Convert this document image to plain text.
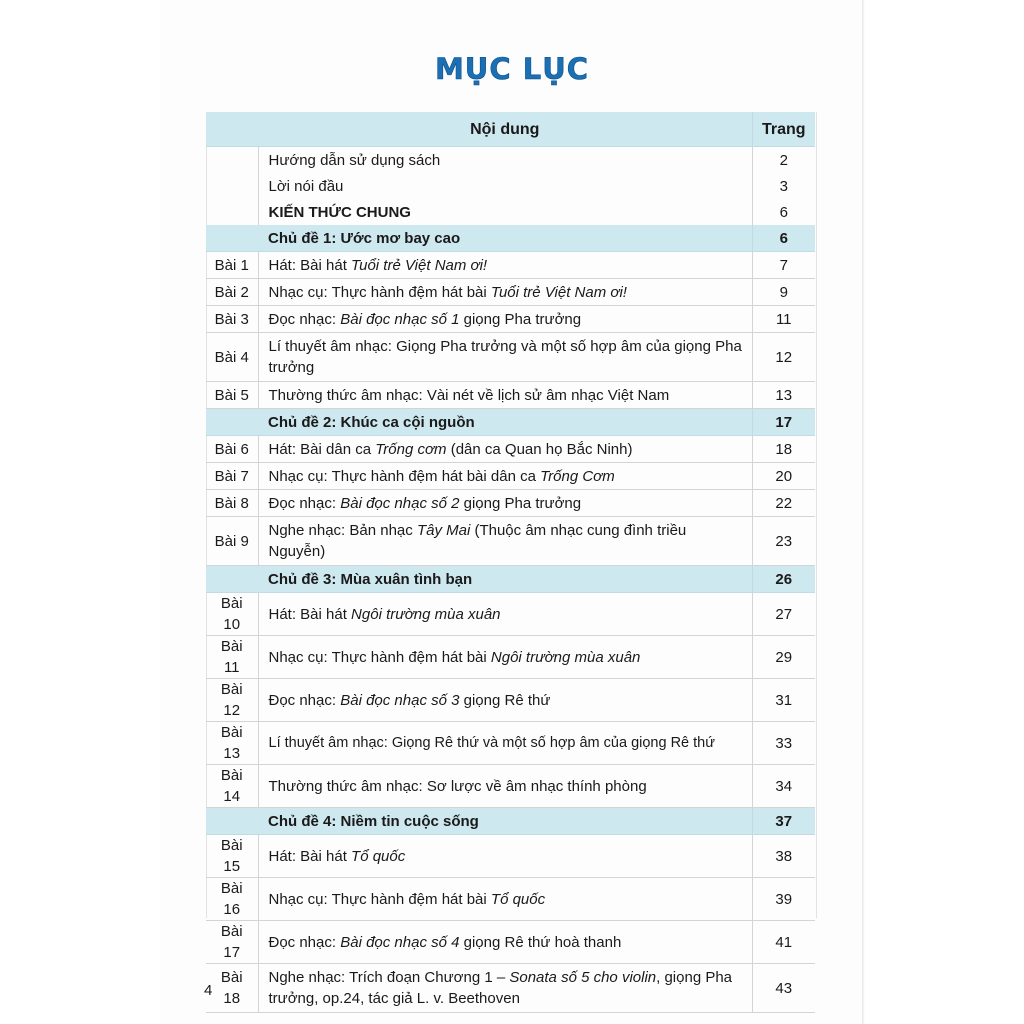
MỤC LỤC
	Nội dung	Trang
	Hướng dẫn sử dụng sách	2
	Lời nói đầu	3
	KIẾN THỨC CHUNG	6
	Chủ đề 1: Ước mơ bay cao	6
Bài 1	Hát: Bài hát Tuổi trẻ Việt Nam ơi!	7
Bài 2	Nhạc cụ: Thực hành đệm hát bài Tuổi trẻ Việt Nam ơi!	9
Bài 3	Đọc nhạc: Bài đọc nhạc số 1 giọng Pha trưởng	11
Bài 4	Lí thuyết âm nhạc: Giọng Pha trưởng và một số hợp âm của giọng Pha trưởng	12
Bài 5	Thường thức âm nhạc: Vài nét về lịch sử âm nhạc Việt Nam	13
	Chủ đề 2: Khúc ca cội nguồn	17
Bài 6	Hát: Bài dân ca Trống cơm (dân ca Quan họ Bắc Ninh)	18
Bài 7	Nhạc cụ: Thực hành đệm hát bài dân ca Trống Cơm	20
Bài 8	Đọc nhạc: Bài đọc nhạc số 2 giọng Pha trưởng	22
Bài 9	Nghe nhạc: Bản nhạc Tây Mai (Thuộc âm nhạc cung đình triều Nguyễn)	23
	Chủ đề 3: Mùa xuân tình bạn	26
Bài 10	Hát: Bài hát Ngôi trường mùa xuân	27
Bài 11	Nhạc cụ: Thực hành đệm hát bài Ngôi trường mùa xuân	29
Bài 12	Đọc nhạc: Bài đọc nhạc số 3 giọng Rê thứ	31
Bài 13	Lí thuyết âm nhạc: Giọng Rê thứ và một số hợp âm của giọng Rê thứ	33
Bài 14	Thường thức âm nhạc: Sơ lược về âm nhạc thính phòng	34
	Chủ đề 4: Niềm tin cuộc sống	37
Bài 15	Hát: Bài hát Tổ quốc	38
Bài 16	Nhạc cụ: Thực hành đệm hát bài Tổ quốc	39
Bài 17	Đọc nhạc: Bài đọc nhạc số 4 giọng Rê thứ hoà thanh	41
Bài 18	Nghe nhạc: Trích đoạn Chương 1 – Sonata số 5 cho violin, giọng Pha trưởng, op.24, tác giả L. v. Beethoven	43
4
